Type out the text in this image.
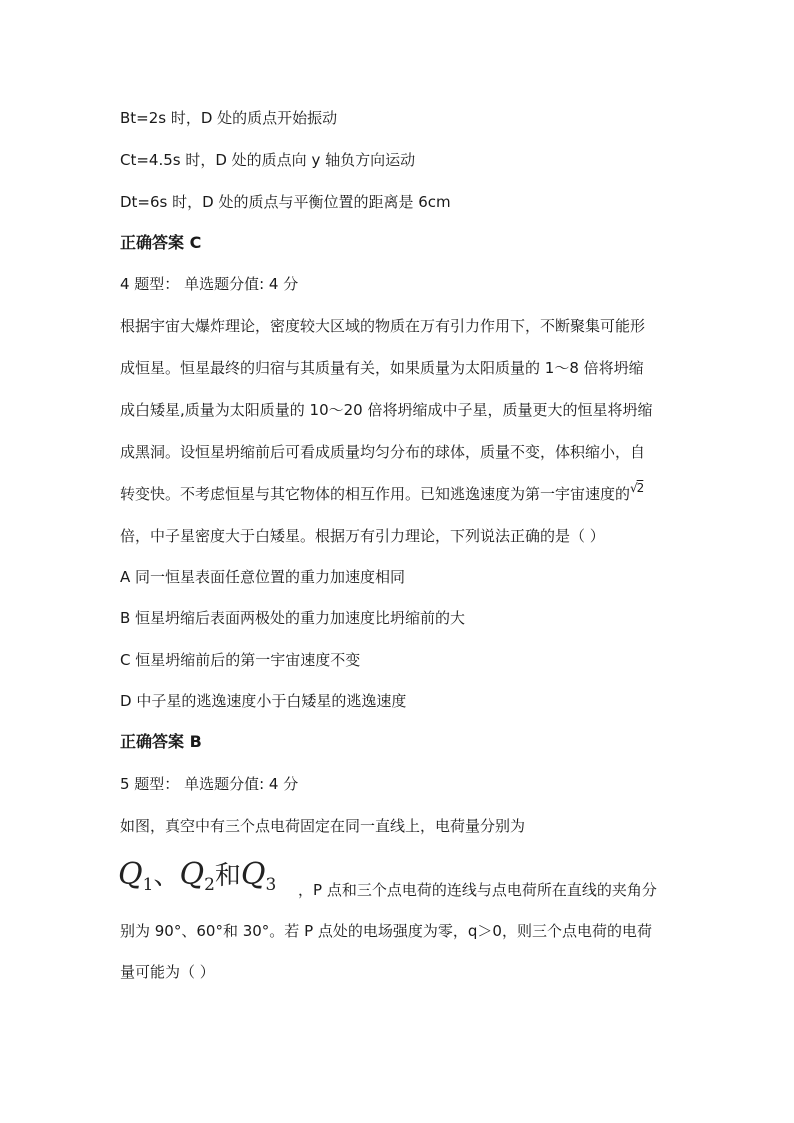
Bt=2s 时，D 处的质点开始振动
Ct=4.5s 时，D 处的质点向 y 轴负方向运动
Dt=6s 时，D 处的质点与平衡位置的距离是 6cm
正确答案 C
4 题型： 单选题分值: 4 分
根据宇宙大爆炸理论，密度较大区域的物质在万有引力作用下，不断聚集可能形
成恒星。恒星最终的归宿与其质量有关，如果质量为太阳质量的 1～8 倍将坍缩
成白矮星,质量为太阳质量的 10～20 倍将坍缩成中子星，质量更大的恒星将坍缩
成黑洞。设恒星坍缩前后可看成质量均匀分布的球体，质量不变，体积缩小，自
转变快。不考虑恒星与其它物体的相互作用。已知逃逸速度为第一宇宙速度的$^{√2}$
倍，中子星密度大于白矮星。根据万有引力理论，下列说法正确的是（ ）
A 同一恒星表面任意位置的重力加速度相同
B 恒星坍缩后表面两极处的重力加速度比坍缩前的大
C 恒星坍缩前后的第一宇宙速度不变
D 中子星的逃逸速度小于白矮星的逃逸速度
正确答案 B
5 题型： 单选题分值: 4 分
如图，真空中有三个点电荷固定在同一直线上，电荷量分别为
$Q_1$、$Q_2$和$Q_3$ ，P 点和三个点电荷的连线与点电荷所在直线的夹角分
别为 90°、60°和 30°。若 P 点处的电场强度为零，q＞0，则三个点电荷的电荷
量可能为（ ）
